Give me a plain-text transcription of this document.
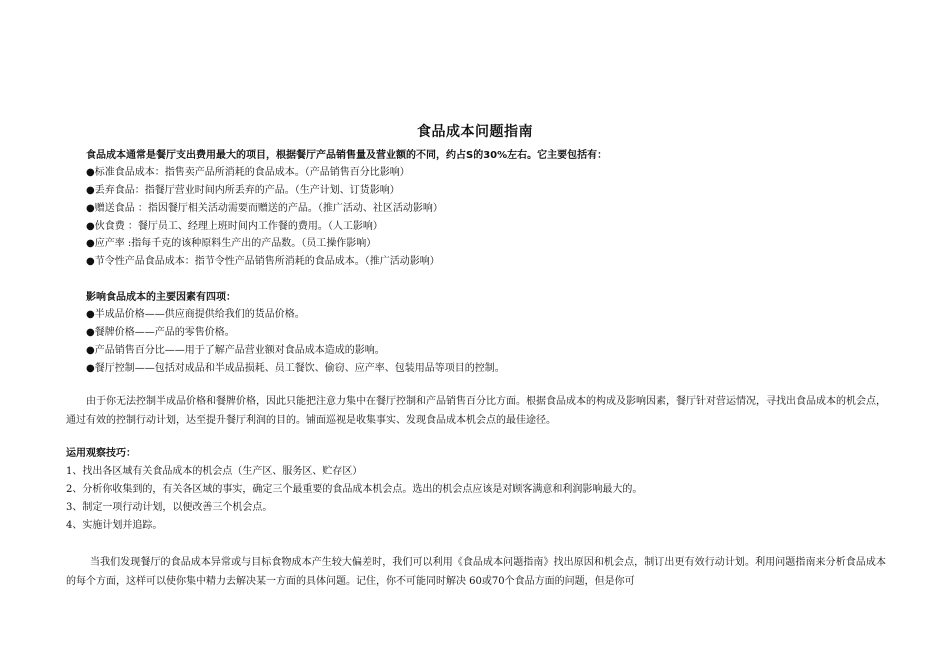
食品成本问题指南
食品成本通常是餐厅支出费用最大的项目，根据餐厅产品销售量及营业额的不同，约占S的30%左右。它主要包括有：
●标准食品成本：指售卖产品所消耗的食品成本。（产品销售百分比影响）
●丢弃食品：指餐厅营业时间内所丢弃的产品。（生产计划、订货影响）
●赠送食品 ：指因餐厅相关活动需要而赠送的产品。（推广活动、社区活动影响）
●伙食费 ：餐厅员工、经理上班时间内工作餐的费用。（人工影响）
●应产率 :指每千克的该种原料生产出的产品数。（员工操作影响）
●节令性产品食品成本：指节令性产品销售所消耗的食品成本。（推广活动影响）
影响食品成本的主要因素有四项：
●半成品价格——供应商提供给我们的货品价格。
●餐牌价格——产品的零售价格。
●产品销售百分比——用于了解产品营业额对食品成本造成的影响。
●餐厅控制——包括对成品和半成品损耗、员工餐饮、偷窃、应产率、包装用品等项目的控制。
由于你无法控制半成品价格和餐牌价格，因此只能把注意力集中在餐厅控制和产品销售百分比方面。根据食品成本的构成及影响因素，餐厅针对营运情况，寻找出食品成本的机会点，通过有效的控制行动计划，达至提升餐厅利润的目的。铺面巡视是收集事实、发现食品成本机会点的最佳途径。
运用观察技巧：
1、找出各区域有关食品成本的机会点（生产区、服务区、贮存区）
2、分析你收集到的，有关各区域的事实，确定三个最重要的食品成本机会点。选出的机会点应该是对顾客满意和利润影响最大的。
3、制定一项行动计划，以便改善三个机会点。
4、实施计划并追踪。
当我们发现餐厅的食品成本异常或与目标食物成本产生较大偏差时，我们可以利用《食品成本问题指南》找出原因和机会点，制订出更有效行动计划。利用问题指南来分析食品成本的每个方面，这样可以使你集中精力去解决某一方面的具体问题。记住，你不可能同时解决 60或70个食品方面的问题，但是你可
